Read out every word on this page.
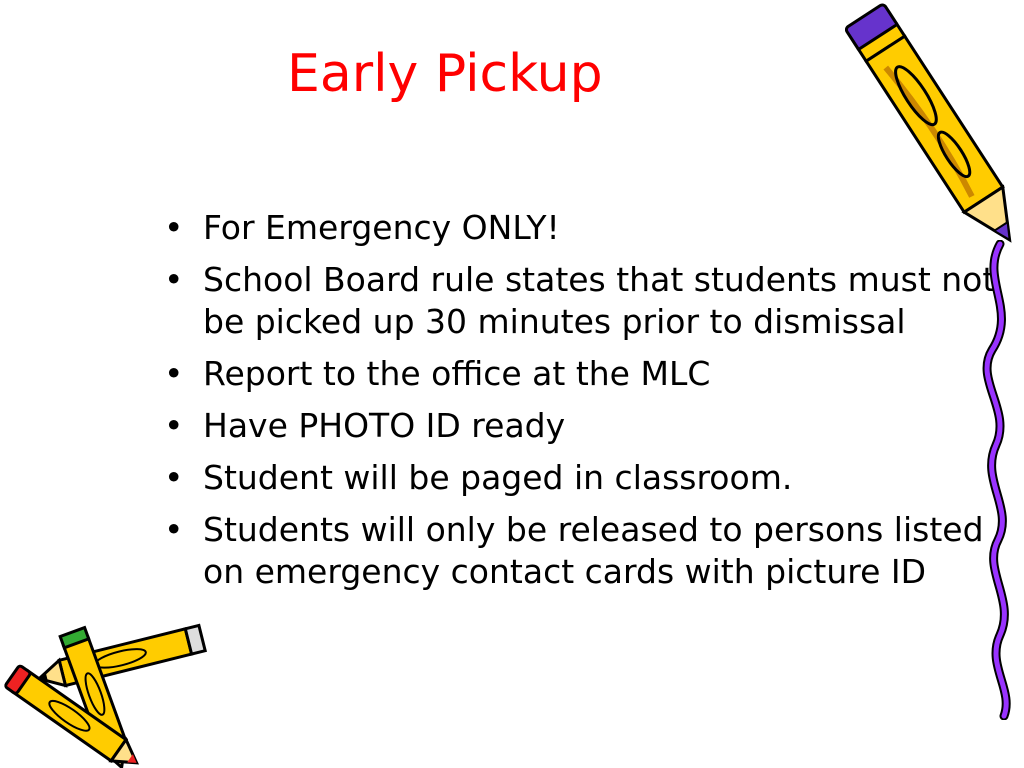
Early Pickup
• For Emergency ONLY!
• School Board rule states that students must not be picked up 30 minutes prior to dismissal
• Report to the office at the MLC
• Have PHOTO ID ready
• Student will be paged in classroom.
• Students will only be released to persons listed on emergency contact cards with picture ID
